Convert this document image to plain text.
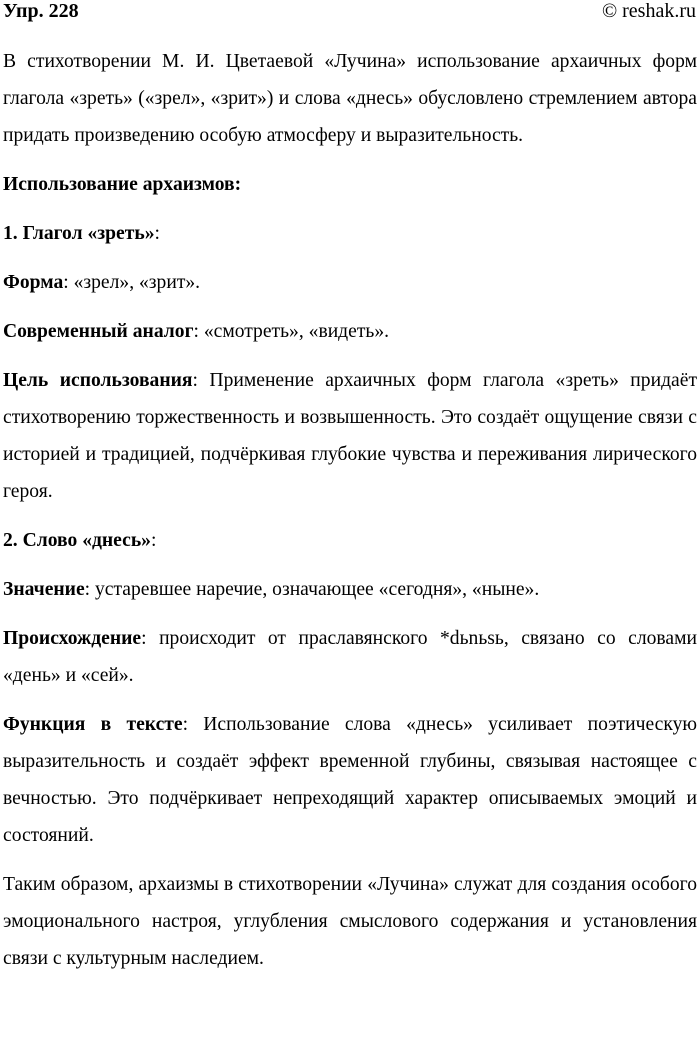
Упр. 228	© reshak.ru

В стихотворении М. И. Цветаевой «Лучина» использование архаичных форм глагола «зреть» («зрел», «зрит») и слова «днесь» обусловлено стремлением автора придать произведению особую атмосферу и выразительность.

Использование архаизмов:

1. Глагол «зреть»:

Форма: «зрел», «зрит».

Современный аналог: «смотреть», «видеть».

Цель использования: Применение архаичных форм глагола «зреть» придаёт стихотворению торжественность и возвышенность. Это создаёт ощущение связи с историей и традицией, подчёркивая глубокие чувства и переживания лирического героя.

2. Слово «днесь»:

Значение: устаревшее наречие, означающее «сегодня», «ныне».

Происхождение: происходит от праславянского *dьnьsь, связано со словами «день» и «сей».

Функция в тексте: Использование слова «днесь» усиливает поэтическую выразительность и создаёт эффект временной глубины, связывая настоящее с вечностью. Это подчёркивает непреходящий характер описываемых эмоций и состояний.

Таким образом, архаизмы в стихотворении «Лучина» служат для создания особого эмоционального настроя, углубления смыслового содержания и установления связи с культурным наследием.
